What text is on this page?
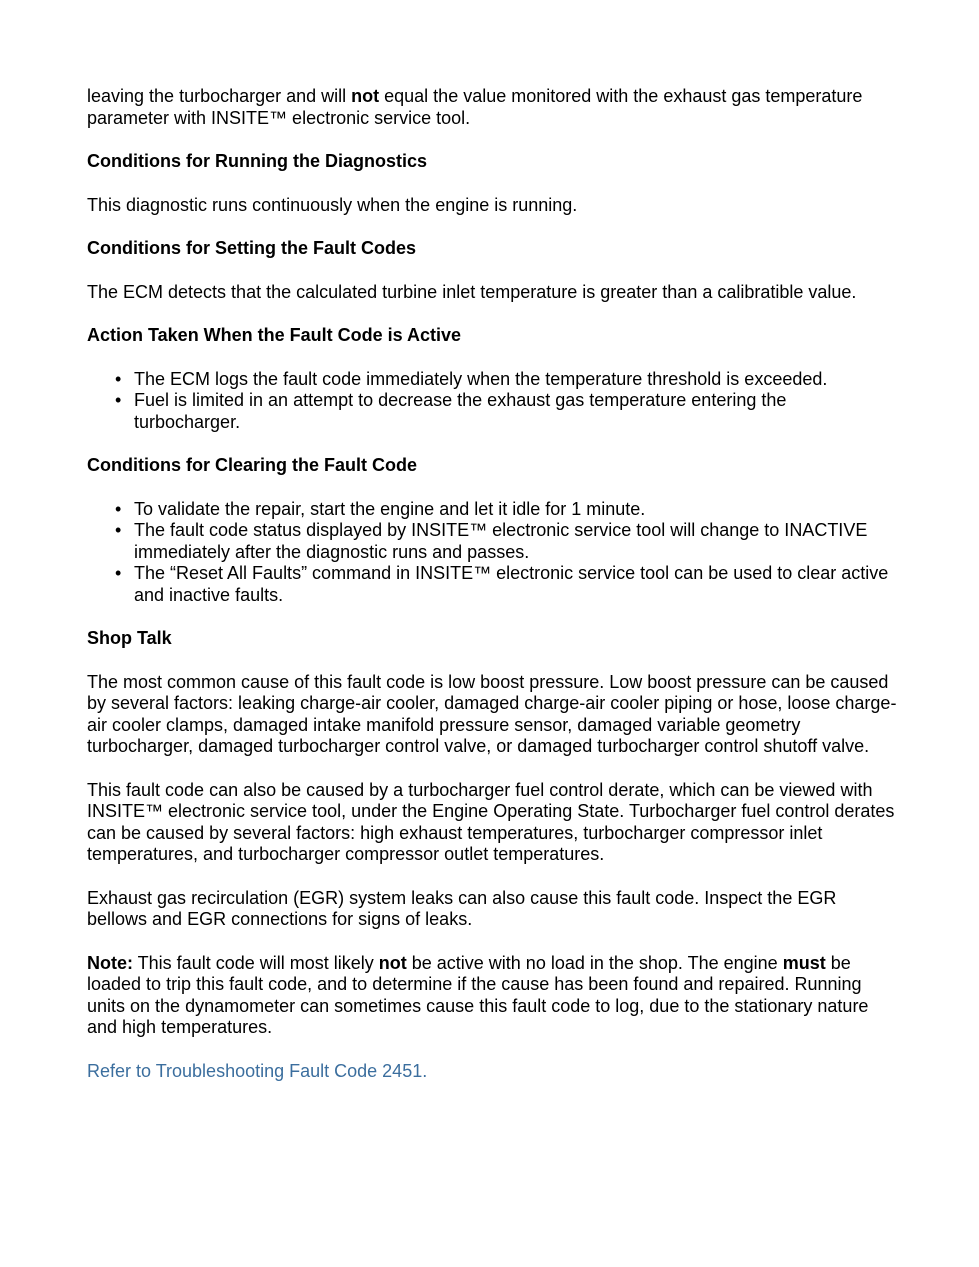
leaving the turbocharger and will not equal the value monitored with the exhaust gas temperature parameter with INSITE™ electronic service tool.

Conditions for Running the Diagnostics

This diagnostic runs continuously when the engine is running.

Conditions for Setting the Fault Codes

The ECM detects that the calculated turbine inlet temperature is greater than a calibratible value.

Action Taken When the Fault Code is Active

• The ECM logs the fault code immediately when the temperature threshold is exceeded.
• Fuel is limited in an attempt to decrease the exhaust gas temperature entering the turbocharger.

Conditions for Clearing the Fault Code

• To validate the repair, start the engine and let it idle for 1 minute.
• The fault code status displayed by INSITE™ electronic service tool will change to INACTIVE immediately after the diagnostic runs and passes.
• The “Reset All Faults” command in INSITE™ electronic service tool can be used to clear active and inactive faults.

Shop Talk

The most common cause of this fault code is low boost pressure. Low boost pressure can be caused by several factors: leaking charge-air cooler, damaged charge-air cooler piping or hose, loose charge-air cooler clamps, damaged intake manifold pressure sensor, damaged variable geometry turbocharger, damaged turbocharger control valve, or damaged turbocharger control shutoff valve.

This fault code can also be caused by a turbocharger fuel control derate, which can be viewed with INSITE™ electronic service tool, under the Engine Operating State. Turbocharger fuel control derates can be caused by several factors: high exhaust temperatures, turbocharger compressor inlet temperatures, and turbocharger compressor outlet temperatures.

Exhaust gas recirculation (EGR) system leaks can also cause this fault code. Inspect the EGR bellows and EGR connections for signs of leaks.

Note: This fault code will most likely not be active with no load in the shop. The engine must be loaded to trip this fault code, and to determine if the cause has been found and repaired. Running units on the dynamometer can sometimes cause this fault code to log, due to the stationary nature and high temperatures.

Refer to Troubleshooting Fault Code 2451.
